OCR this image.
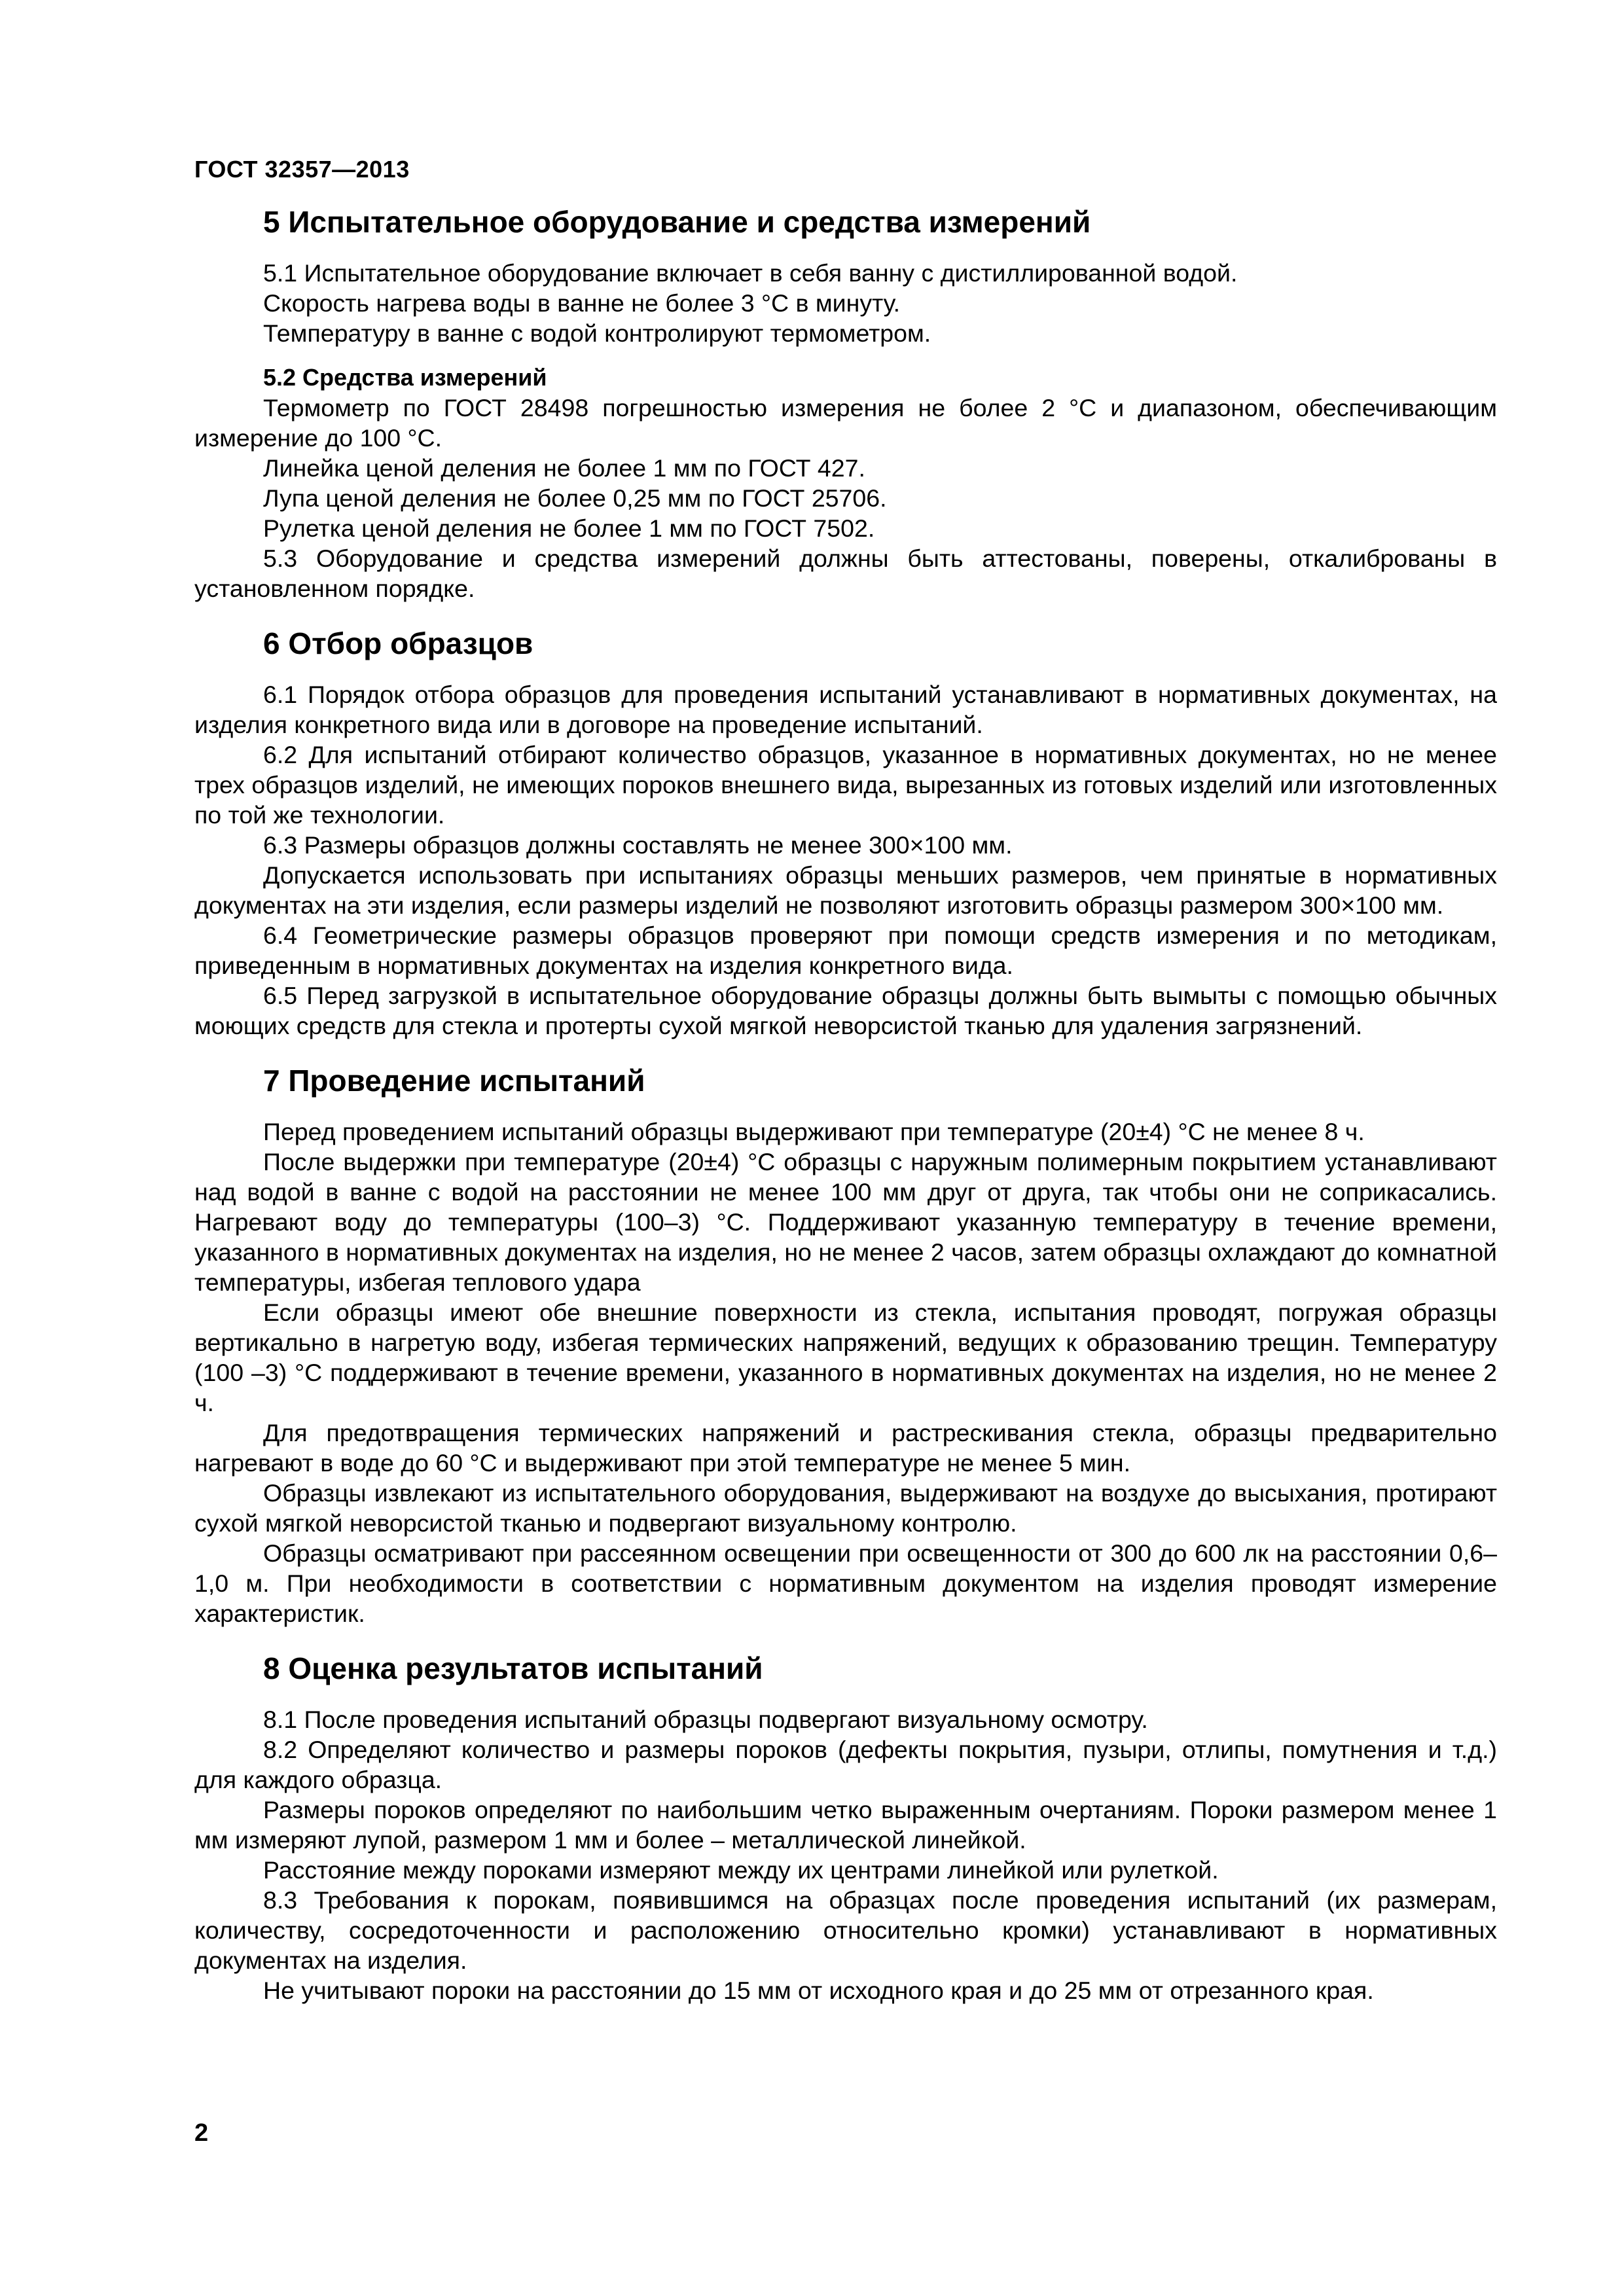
ГОСТ 32357—2013
5 Испытательное оборудование и средства измерений

5.1 Испытательное оборудование включает в себя ванну с дистиллированной водой.

Скорость нагрева воды в ванне не более 3 °С в минуту.

Температуру в ванне с водой контролируют термометром.

5.2 Средства измерений

Термометр по ГОСТ 28498 погрешностью измерения не более 2 °С и диапазоном, обеспечивающим измерение до 100 °С.

Линейка ценой деления не более 1 мм по ГОСТ 427.

Лупа ценой деления не более 0,25 мм по ГОСТ 25706.

Рулетка ценой деления не более 1 мм по ГОСТ 7502.

5.3 Оборудование и средства измерений должны быть аттестованы, поверены, откалиброваны в установленном порядке.

6 Отбор образцов

6.1 Порядок отбора образцов для проведения испытаний устанавливают в нормативных документах, на изделия конкретного вида или в договоре на проведение испытаний.

6.2 Для испытаний отбирают количество образцов, указанное в нормативных документах, но не менее трех образцов изделий, не имеющих пороков внешнего вида, вырезанных из готовых изделий или изготовленных по той же технологии.

6.3 Размеры образцов должны составлять не менее 300×100 мм.

Допускается использовать при испытаниях образцы меньших размеров, чем принятые в нормативных документах на эти изделия, если размеры изделий не позволяют изготовить образцы размером 300×100 мм.

6.4 Геометрические размеры образцов проверяют при помощи средств измерения и по методикам, приведенным в нормативных документах на изделия конкретного вида.

6.5 Перед загрузкой в испытательное оборудование образцы должны быть вымыты с помощью обычных моющих средств для стекла и протерты сухой мягкой неворсистой тканью для удаления загрязнений.

7 Проведение испытаний

Перед проведением испытаний образцы выдерживают при температуре (20±4) °С не менее 8 ч.

После выдержки при температуре (20±4) °С образцы с наружным полимерным покрытием устанавливают над водой в ванне с водой на расстоянии не менее 100 мм друг от друга, так чтобы они не соприкасались. Нагревают воду до температуры (100–3) °С. Поддерживают указанную температуру в течение времени, указанного в нормативных документах на изделия, но не менее 2 часов, затем образцы охлаждают до комнатной температуры, избегая теплового удара

Если образцы имеют обе внешние поверхности из стекла, испытания проводят, погружая образцы вертикально в нагретую воду, избегая термических напряжений, ведущих к образованию трещин. Температуру (100 –3) °С поддерживают в течение времени, указанного в нормативных документах на изделия, но не менее 2 ч.

Для предотвращения термических напряжений и растрескивания стекла, образцы предварительно нагревают в воде до 60 °С и выдерживают при этой температуре не менее 5 мин.

Образцы извлекают из испытательного оборудования, выдерживают на воздухе до высыхания, протирают сухой мягкой неворсистой тканью и подвергают визуальному контролю.

Образцы осматривают при рассеянном освещении при освещенности от 300 до 600 лк на расстоянии 0,6–1,0 м. При необходимости в соответствии с нормативным документом на изделия проводят измерение характеристик.

8 Оценка результатов испытаний

8.1 После проведения испытаний образцы подвергают визуальному осмотру.

8.2 Определяют количество и размеры пороков (дефекты покрытия, пузыри, отлипы, помутнения и т.д.) для каждого образца.

Размеры пороков определяют по наибольшим четко выраженным очертаниям. Пороки размером менее 1 мм измеряют лупой, размером 1 мм и более – металлической линейкой.

Расстояние между пороками измеряют между их центрами линейкой или рулеткой.

8.3 Требования к порокам, появившимся на образцах после проведения испытаний (их размерам, количеству, сосредоточенности и расположению относительно кромки) устанавливают в нормативных документах на изделия.

Не учитывают пороки на расстоянии до 15 мм от исходного края и до 25 мм от отрезанного края.

2
